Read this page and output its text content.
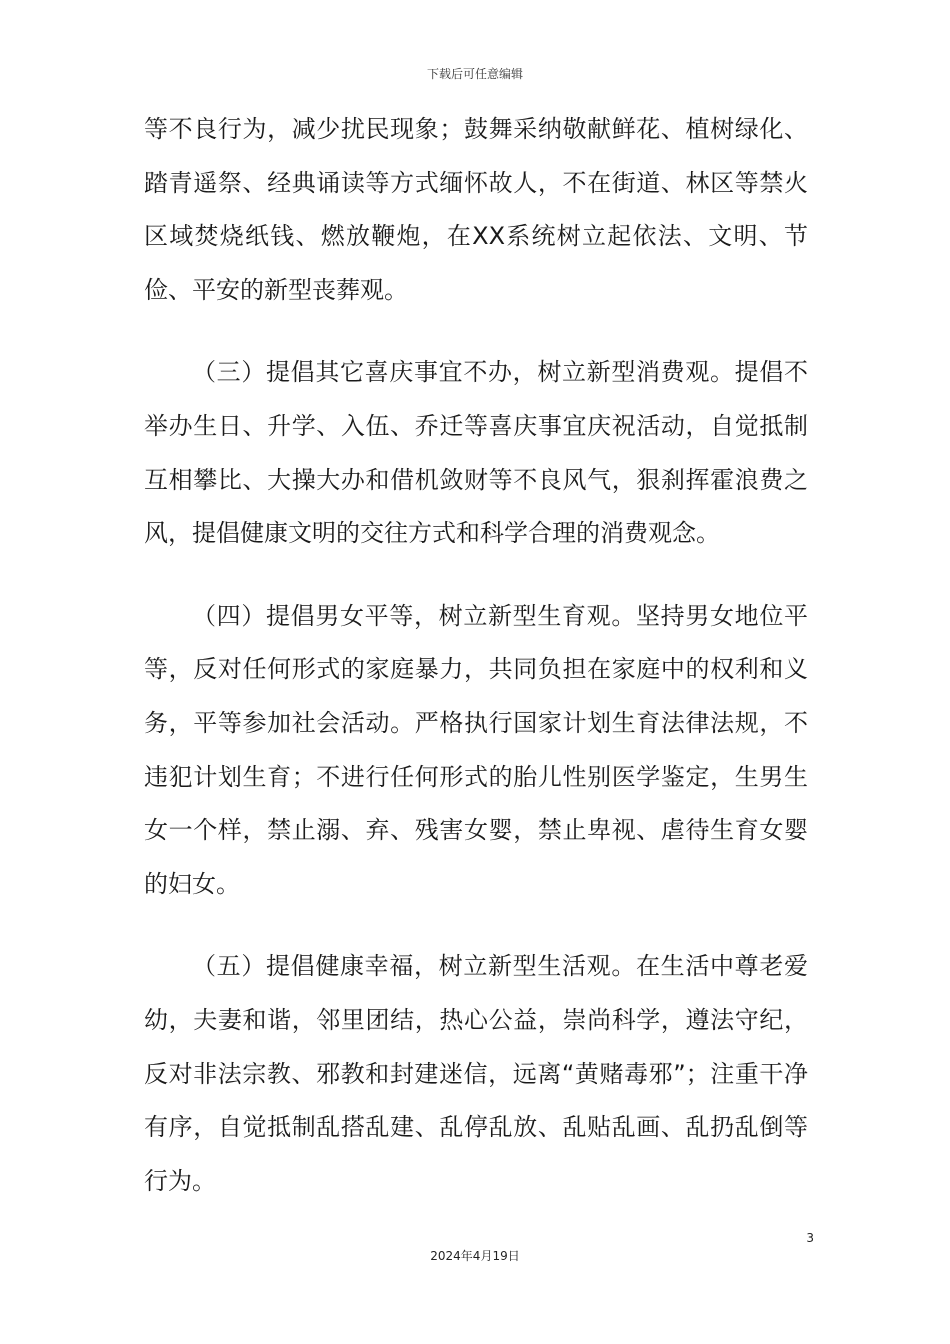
下载后可任意编辑

等不良行为，减少扰民现象；鼓舞采纳敬献鲜花、植树绿化、踏青遥祭、经典诵读等方式缅怀故人，不在街道、林区等禁火区域焚烧纸钱、燃放鞭炮，在XX系统树立起依法、文明、节俭、平安的新型丧葬观。

（三）提倡其它喜庆事宜不办，树立新型消费观。提倡不举办生日、升学、入伍、乔迁等喜庆事宜庆祝活动，自觉抵制互相攀比、大操大办和借机敛财等不良风气，狠刹挥霍浪费之风，提倡健康文明的交往方式和科学合理的消费观念。

（四）提倡男女平等，树立新型生育观。坚持男女地位平等，反对任何形式的家庭暴力，共同负担在家庭中的权利和义务，平等参加社会活动。严格执行国家计划生育法律法规，不违犯计划生育；不进行任何形式的胎儿性别医学鉴定，生男生女一个样，禁止溺、弃、残害女婴，禁止卑视、虐待生育女婴的妇女。

（五）提倡健康幸福，树立新型生活观。在生活中尊老爱幼，夫妻和谐，邻里团结，热心公益，崇尚科学，遵法守纪，反对非法宗教、邪教和封建迷信，远离“黄赌毒邪”；注重干净有序，自觉抵制乱搭乱建、乱停乱放、乱贴乱画、乱扔乱倒等行为。

3
2024年4月19日
